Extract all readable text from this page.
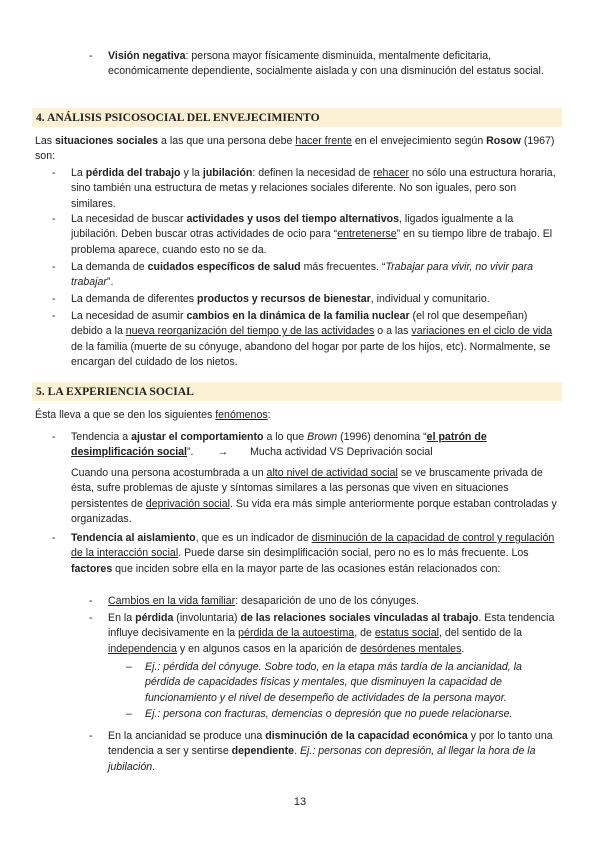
- Visión negativa: persona mayor físicamente disminuida, mentalmente deficitaria, económicamente dependiente, socialmente aislada y con una disminución del estatus social.
4. ANÁLISIS PSICOSOCIAL DEL ENVEJECIMIENTO
Las situaciones sociales a las que una persona debe hacer frente en el envejecimiento según Rosow (1967) son:
- La pérdida del trabajo y la jubilación: definen la necesidad de rehacer no sólo una estructura horaria, sino también una estructura de metas y relaciones sociales diferente. No son iguales, pero son similares.
- La necesidad de buscar actividades y usos del tiempo alternativos, ligados igualmente a la jubilación. Deben buscar otras actividades de ocio para “entretenerse” en su tiempo libre de trabajo. El problema aparece, cuando esto no se da.
- La demanda de cuidados específicos de salud más frecuentes. “Trabajar para vivir, no vivir para trabajar”.
- La demanda de diferentes productos y recursos de bienestar, individual y comunitario.
- La necesidad de asumir cambios en la dinámica de la familia nuclear (el rol que desempeñan) debido a la nueva reorganización del tiempo y de las actividades o a las variaciones en el ciclo de vida de la familia (muerte de su cónyuge, abandono del hogar por parte de los hijos, etc). Normalmente, se encargan del cuidado de los nietos.
5. LA EXPERIENCIA SOCIAL
Ésta lleva a que se den los siguientes fenómenos:
- Tendencia a ajustar el comportamiento a lo que Brown (1996) denomina “el patrón de desimplificación social”. → Mucha actividad VS Deprivación social
Cuando una persona acostumbrada a un alto nivel de actividad social se ve bruscamente privada de ésta, sufre problemas de ajuste y síntomas similares a las personas que viven en situaciones persistentes de deprivación social. Su vida era más simple anteriormente porque estaban controladas y organizadas.
- Tendencia al aislamiento, que es un indicador de disminución de la capacidad de control y regulación de la interacción social. Puede darse sin desimplificación social, pero no es lo más frecuente. Los factores que inciden sobre ella en la mayor parte de las ocasiones están relacionados con:
- Cambios en la vida familiar: desaparición de uno de los cónyuges.
- En la pérdida (involuntaria) de las relaciones sociales vinculadas al trabajo. Esta tendencia influye decisivamente en la pérdida de la autoestima, de estatus social, del sentido de la independencia y en algunos casos en la aparición de desórdenes mentales.
– Ej.: pérdida del cónyuge. Sobre todo, en la etapa más tardía de la ancianidad, la pérdida de capacidades físicas y mentales, que disminuyen la capacidad de funcionamiento y el nivel de desempeño de actividades de la persona mayor.
– Ej.: persona con fracturas, demencias o depresión que no puede relacionarse.
- En la ancianidad se produce una disminución de la capacidad económica y por lo tanto una tendencia a ser y sentirse dependiente. Ej.: personas con depresión, al llegar la hora de la jubilación.
13
